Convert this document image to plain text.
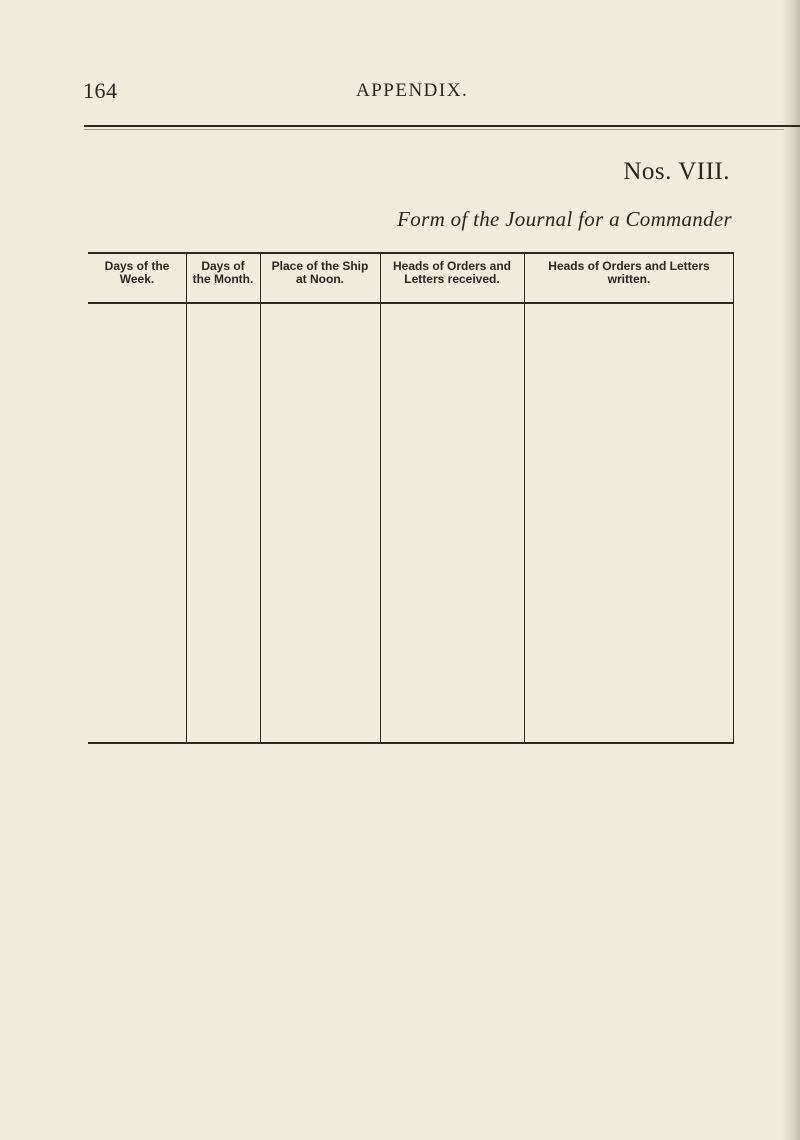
164	APPENDIX.
Nos. VIII.
Form of the Journal for a Commander
Days of the
Week.
Days of
the Month.
Place of the Ship
at Noon.
Heads of Orders and
Letters received.
Heads of Orders and Letters
written.
